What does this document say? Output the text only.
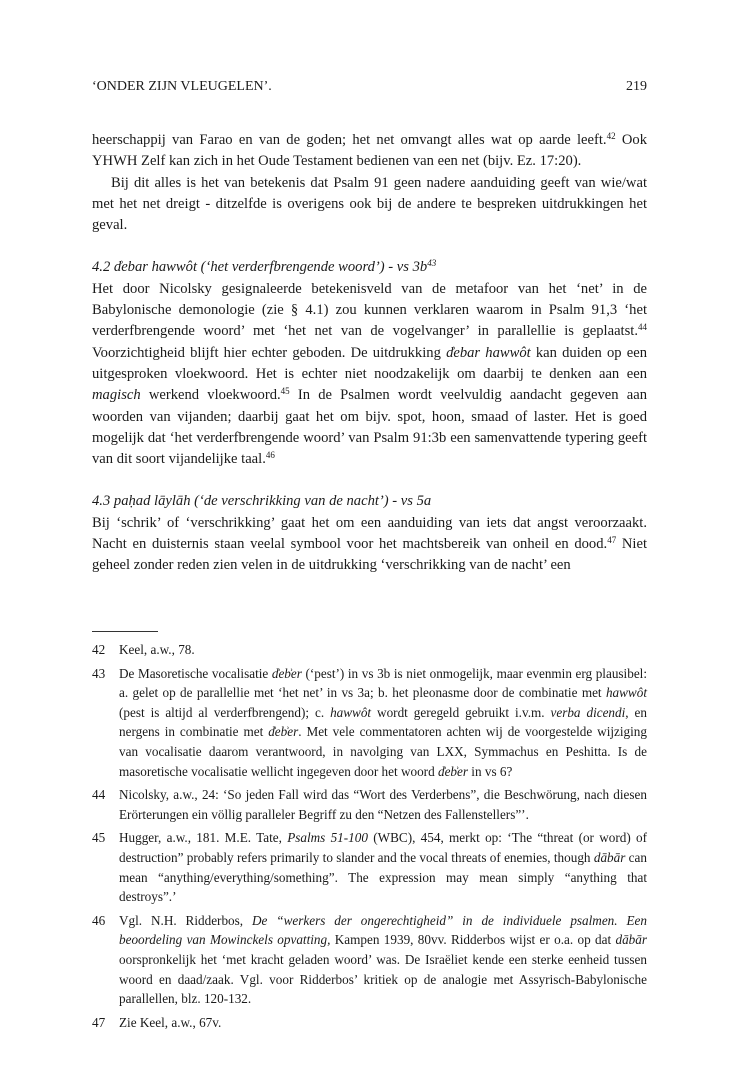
‘ONDER ZIJN VLEUGELEN’.	219

heerschappij van Farao en van de goden; het net omvangt alles wat op aarde leeft.$^{42}$ Ook YHWH Zelf kan zich in het Oude Testament bedienen van een net (bijv. Ez. 17:20).

Bij dit alles is het van betekenis dat Psalm 91 geen nadere aanduiding geeft van wie/wat met het net dreigt - ditzelfde is overigens ook bij de andere te bespreken uitdrukkingen het geval.

4.2 d͗ebar hawwôt (‘het verderfbrengende woord’) - vs $3b^{43}$

Het door Nicolsky gesignaleerde betekenisveld van de metafoor van het ‘net’ in de Babylonische demonologie (zie § 4.1) zou kunnen verklaren waarom in Psalm 91,3 ‘het verderfbrengende woord’ met ‘het net van de vogelvanger’ in parallellie is geplaatst.$^{44}$ Voorzichtigheid blijft hier echter geboden. De uitdrukking d͗ebar hawwôt kan duiden op een uitgesproken vloekwoord. Het is echter niet noodzakelijk om daarbij te denken aan een magisch werkend vloekwoord.$^{45}$ In de Psalmen wordt veelvuldig aandacht gegeven aan woorden van vijanden; daarbij gaat het om bijv. spot, hoon, smaad of laster. Het is goed mogelijk dat ‘het verderfbrengende woord’ van Psalm 91:3b een samenvattende typering geeft van dit soort vijandelijke taal.$^{46}$

4.3 paḥad lāylāh (‘de verschrikking van de nacht’) - vs 5a

Bij ‘schrik’ of ‘verschrikking’ gaat het om een aanduiding van iets dat angst veroorzaakt. Nacht en duisternis staan veelal symbool voor het machtsbereik van onheil en dood.$^{47}$ Niet geheel zonder reden zien velen in de uitdrukking ‘verschrikking van de nacht’ een

42	Keel, a.w., 78.
43	De Masoretische vocalisatie d͗eb͗er (‘pest’) in vs 3b is niet onmogelijk, maar evenmin erg plausibel: a. gelet op de parallellie met ‘het net’ in vs 3a; b. het pleonasme door de combinatie met hawwôt (pest is altijd al verderfbrengend); c. hawwôt wordt geregeld gebruikt i.v.m. verba dicendi, en nergens in combinatie met d͗eb͗er. Met vele commentatoren achten wij de voorgestelde wijziging van vocalisatie daarom verantwoord, in navolging van LXX, Symmachus en Peshitta. Is de masoretische vocalisatie wellicht ingegeven door het woord d͗eb͗er in vs 6?
44	Nicolsky, a.w., 24: ‘So jeden Fall wird das “Wort des Verderbens”, die Beschwörung, nach diesen Erörterungen ein völlig paralleler Begriff zu den “Netzen des Fallenstellers”’.
45	Hugger, a.w., 181. M.E. Tate, Psalms 51-100 (WBC), 454, merkt op: ‘The “threat (or word) of destruction” probably refers primarily to slander and the vocal threats of enemies, though dābār can mean “anything/everything/something”. The expression may mean simply “anything that destroys”.’
46	Vgl. N.H. Ridderbos, De “werkers der ongerechtigheid” in de individuele psalmen. Een beoordeling van Mowinckels opvatting, Kampen 1939, 80vv. Ridderbos wijst er o.a. op dat dābār oorspronkelijk het ‘met kracht geladen woord’ was. De Israëliet kende een sterke eenheid tussen woord en daad/zaak. Vgl. voor Ridderbos’ kritiek op de analogie met Assyrisch-Babylonische parallellen, blz. 120-132.
47	Zie Keel, a.w., 67v.
